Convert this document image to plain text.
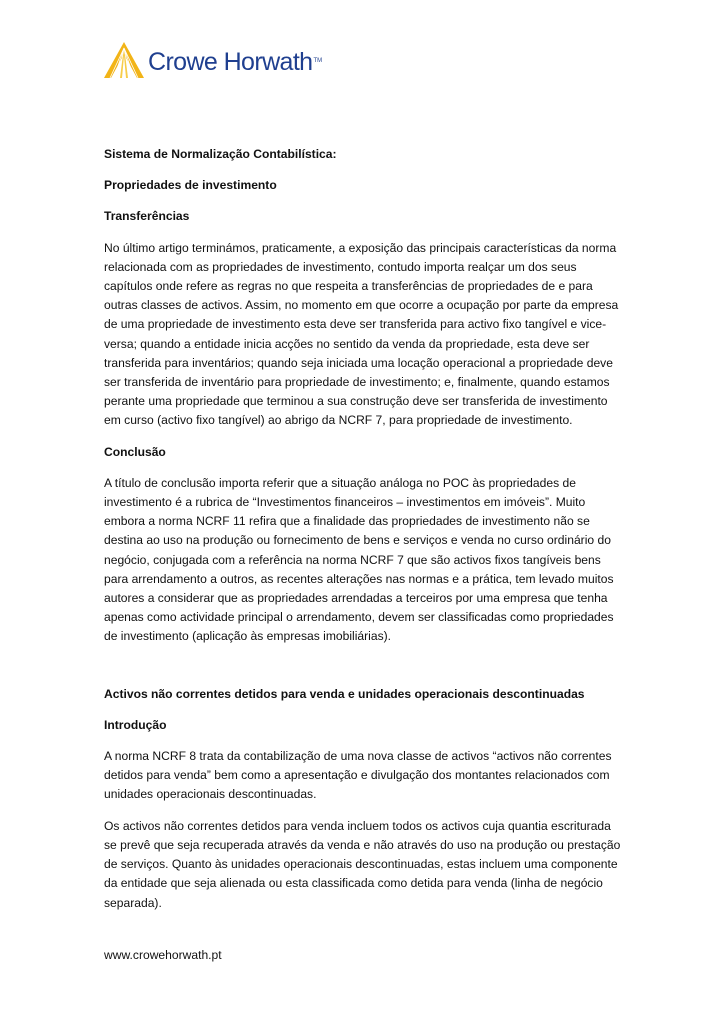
Crowe Horwath TM

Sistema de Normalização Contabilística:

Propriedades de investimento

Transferências

No último artigo terminámos, praticamente, a exposição das principais características da norma relacionada com as propriedades de investimento, contudo importa realçar um dos seus capítulos onde refere as regras no que respeita a transferências de propriedades de e para outras classes de activos. Assim, no momento em que ocorre a ocupação por parte da empresa de uma propriedade de investimento esta deve ser transferida para activo fixo tangível e vice-versa; quando a entidade inicia acções no sentido da venda da propriedade, esta deve ser transferida para inventários; quando seja iniciada uma locação operacional a propriedade deve ser transferida de inventário para propriedade de investimento; e, finalmente, quando estamos perante uma propriedade que terminou a sua construção deve ser transferida de investimento em curso (activo fixo tangível) ao abrigo da NCRF 7, para propriedade de investimento.

Conclusão

A título de conclusão importa referir que a situação análoga no POC às propriedades de investimento é a rubrica de “Investimentos financeiros – investimentos em imóveis”. Muito embora a norma NCRF 11 refira que a finalidade das propriedades de investimento não se destina ao uso na produção ou fornecimento de bens e serviços e venda no curso ordinário do negócio, conjugada com a referência na norma NCRF 7 que são activos fixos tangíveis bens para arrendamento a outros, as recentes alterações nas normas e a prática, tem levado muitos autores a considerar que as propriedades arrendadas a terceiros por uma empresa que tenha apenas como actividade principal o arrendamento, devem ser classificadas como propriedades de investimento (aplicação às empresas imobiliárias).

Activos não correntes detidos para venda e unidades operacionais descontinuadas

Introdução

A norma NCRF 8 trata da contabilização de uma nova classe de activos “activos não correntes detidos para venda” bem como a apresentação e divulgação dos montantes relacionados com unidades operacionais descontinuadas.

Os activos não correntes detidos para venda incluem todos os activos cuja quantia escriturada se prevê que seja recuperada através da venda e não através do uso na produção ou prestação de serviços. Quanto às unidades operacionais descontinuadas, estas incluem uma componente da entidade que seja alienada ou esta classificada como detida para venda (linha de negócio separada).

www.crowehorwath.pt
